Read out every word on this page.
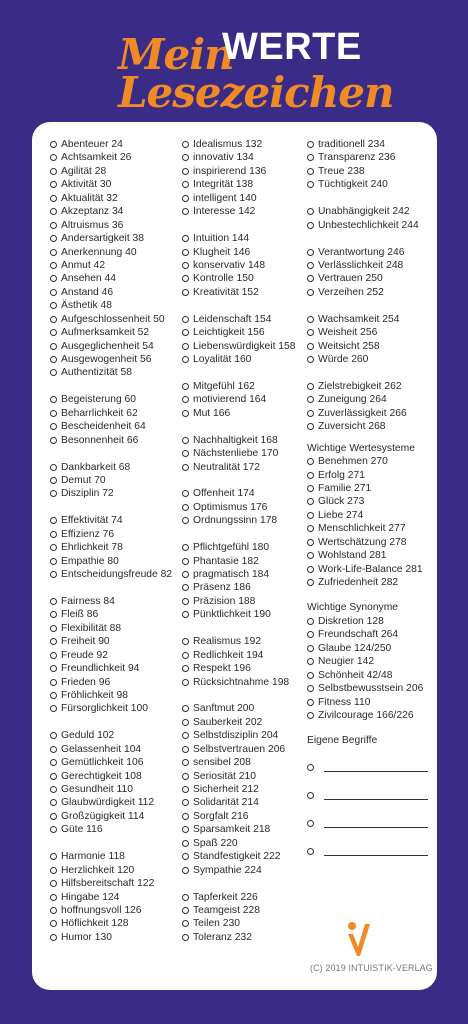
Mein
WERTE
Lesezeichen
Abenteuer 24
Achtsamkeit 26
Agilität 28
Aktivität 30
Aktualität 32
Akzeptanz 34
Altruismus 36
Andersartigkeit 38
Anerkennung 40
Anmut 42
Ansehen 44
Anstand 46
Ästhetik 48
Aufgeschlossenheit 50
Aufmerksamkeit 52
Ausgeglichenheit 54
Ausgewogenheit 56
Authentizität 58
Begeisterung 60
Beharrlichkeit 62
Bescheidenheit 64
Besonnenheit 66
Dankbarkeit 68
Demut 70
Disziplin 72
Effektivität 74
Effizienz 76
Ehrlichkeit 78
Empathie 80
Entscheidungsfreude 82
Fairness 84
Fleiß 86
Flexibilität 88
Freiheit 90
Freude 92
Freundlichkeit 94
Frieden 96
Fröhlichkeit 98
Fürsorglichkeit 100
Geduld 102
Gelassenheit 104
Gemütlichkeit 106
Gerechtigkeit 108
Gesundheit 110
Glaubwürdigkeit 112
Großzügigkeit 114
Güte 116
Harmonie 118
Herzlichkeit 120
Hilfsbereitschaft 122
Hingabe 124
hoffnungsvoll 126
Höflichkeit 128
Humor 130
Idealismus 132
innovativ 134
inspirierend 136
Integrität 138
intelligent 140
Interesse 142
Intuition 144
Klugheit 146
konservativ 148
Kontrolle 150
Kreativität 152
Leidenschaft 154
Leichtigkeit 156
Liebenswürdigkeit 158
Loyalität 160
Mitgefühl 162
motivierend 164
Mut 166
Nachhaltigkeit 168
Nächstenliebe 170
Neutralität 172
Offenheit 174
Optimismus 176
Ordnungssinn 178
Pflichtgefühl 180
Phantasie 182
pragmatisch 184
Präsenz 186
Präzision 188
Pünktlichkeit 190
Realismus 192
Redlichkeit 194
Respekt 196
Rücksichtnahme 198
Sanftmut 200
Sauberkeit 202
Selbstdisziplin 204
Selbstvertrauen 206
sensibel 208
Seriosität 210
Sicherheit 212
Solidarität 214
Sorgfalt 216
Sparsamkeit 218
Spaß 220
Standfestigkeit 222
Sympathie 224
Tapferkeit 226
Teamgeist 228
Teilen 230
Toleranz 232
traditionell 234
Transparenz 236
Treue 238
Tüchtigkeit 240
Unabhängigkeit 242
Unbestechlichkeit 244
Verantwortung 246
Verlässlichkeit 248
Vertrauen 250
Verzeihen 252
Wachsamkeit 254
Weisheit 256
Weitsicht 258
Würde 260
Zielstrebigkeit 262
Zuneigung 264
Zuverlässigkeit 266
Zuversicht 268
Wichtige Wertesysteme
Benehmen 270
Erfolg 271
Familie 271
Glück 273
Liebe 274
Menschlichkeit 277
Wertschätzung 278
Wohlstand 281
Work-Life-Balance 281
Zufriedenheit 282
Wichtige Synonyme
Diskretion 128
Freundschaft 264
Glaube 124/250
Neugier 142
Schönheit 42/48
Selbstbewusstsein 206
Fitness 110
Zivilcourage 166/226
Eigene Begriffe
(C) 2019 INTUISTIK-VERLAG
